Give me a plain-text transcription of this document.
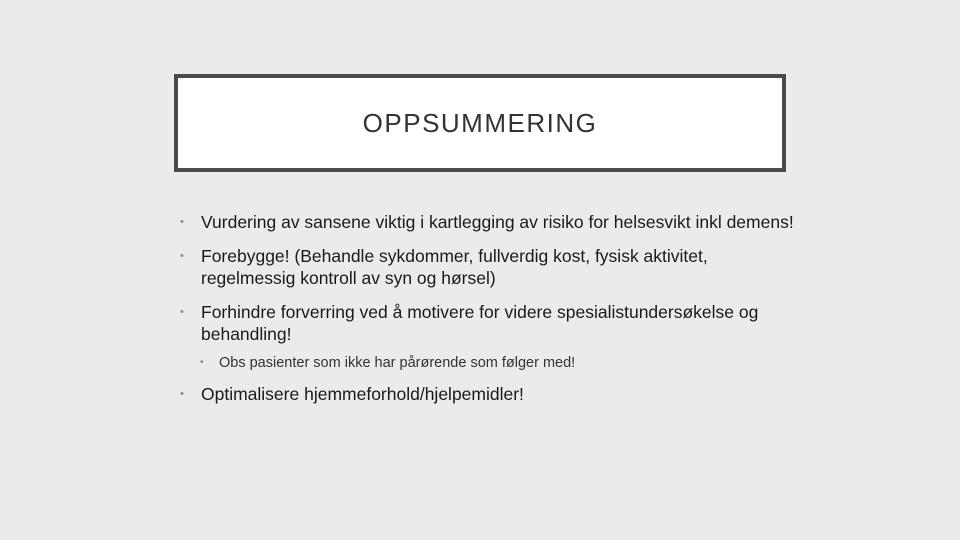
OPPSUMMERING
• Vurdering av sansene viktig i kartlegging av risiko for helsesvikt inkl demens!
• Forebygge! (Behandle sykdommer, fullverdig kost, fysisk aktivitet, regelmessig kontroll av syn og hørsel)
• Forhindre forverring ved å motivere for videre spesialistundersøkelse og behandling!
• Obs pasienter som ikke har pårørende som følger med!
• Optimalisere hjemmeforhold/hjelpemidler!
